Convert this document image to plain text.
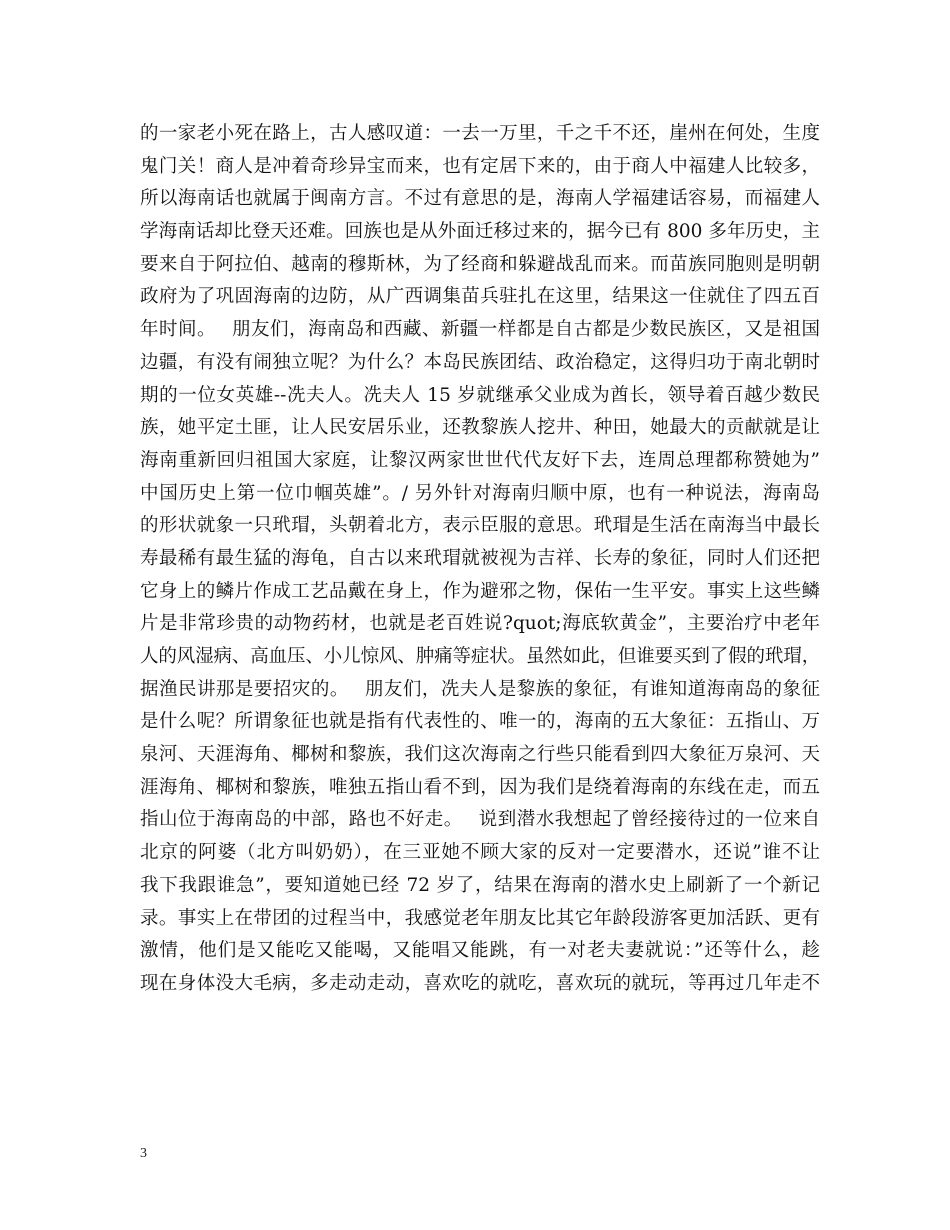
的一家老小死在路上，古人感叹道：一去一万里，千之千不还，崖州在何处，生度
鬼门关！商人是冲着奇珍异宝而来，也有定居下来的，由于商人中福建人比较多，
所以海南话也就属于闽南方言。不过有意思的是，海南人学福建话容易，而福建人
学海南话却比登天还难。回族也是从外面迁移过来的，据今已有 800 多年历史，主
要来自于阿拉伯、越南的穆斯林，为了经商和躲避战乱而来。而苗族同胞则是明朝
政府为了巩固海南的边防，从广西调集苗兵驻扎在这里，结果这一住就住了四五百
年时间。　 朋友们，海南岛和西藏、新疆一样都是自古都是少数民族区，又是祖国
边疆，有没有闹独立呢？为什么？本岛民族团结、政治稳定，这得归功于南北朝时
期的一位女英雄--冼夫人。冼夫人 15 岁就继承父业成为酋长，领导着百越少数民
族，她平定土匪，让人民安居乐业，还教黎族人挖井、种田，她最大的贡献就是让
海南重新回归祖国大家庭，让黎汉两家世世代代友好下去，连周总理都称赞她为”
中国历史上第一位巾帼英雄”。/ 另外针对海南归顺中原，也有一种说法，海南岛
的形状就象一只玳瑁，头朝着北方，表示臣服的意思。玳瑁是生活在南海当中最长
寿最稀有最生猛的海龟，自古以来玳瑁就被视为吉祥、长寿的象征，同时人们还把
它身上的鳞片作成工艺品戴在身上，作为避邪之物，保佑一生平安。事实上这些鳞
片是非常珍贵的动物药材，也就是老百姓说?quot;海底软黄金”，主要治疗中老年
人的风湿病、高血压、小儿惊风、肿痛等症状。虽然如此，但谁要买到了假的玳瑁，
据渔民讲那是要招灾的。　 朋友们，冼夫人是黎族的象征，有谁知道海南岛的象征
是什么呢？所谓象征也就是指有代表性的、唯一的，海南的五大象征：五指山、万
泉河、天涯海角、椰树和黎族，我们这次海南之行些只能看到四大象征万泉河、天
涯海角、椰树和黎族，唯独五指山看不到，因为我们是绕着海南的东线在走，而五
指山位于海南岛的中部，路也不好走。　 说到潜水我想起了曾经接待过的一位来自
北京的阿婆（北方叫奶奶），在三亚她不顾大家的反对一定要潜水，还说”谁不让
我下我跟谁急”，要知道她已经 72 岁了，结果在海南的潜水史上刷新了一个新记
录。事实上在带团的过程当中，我感觉老年朋友比其它年龄段游客更加活跃、更有
激情，他们是又能吃又能喝，又能唱又能跳，有一对老夫妻就说：”还等什么，趁
现在身体没大毛病，多走动走动，喜欢吃的就吃，喜欢玩的就玩，等再过几年走不
3
